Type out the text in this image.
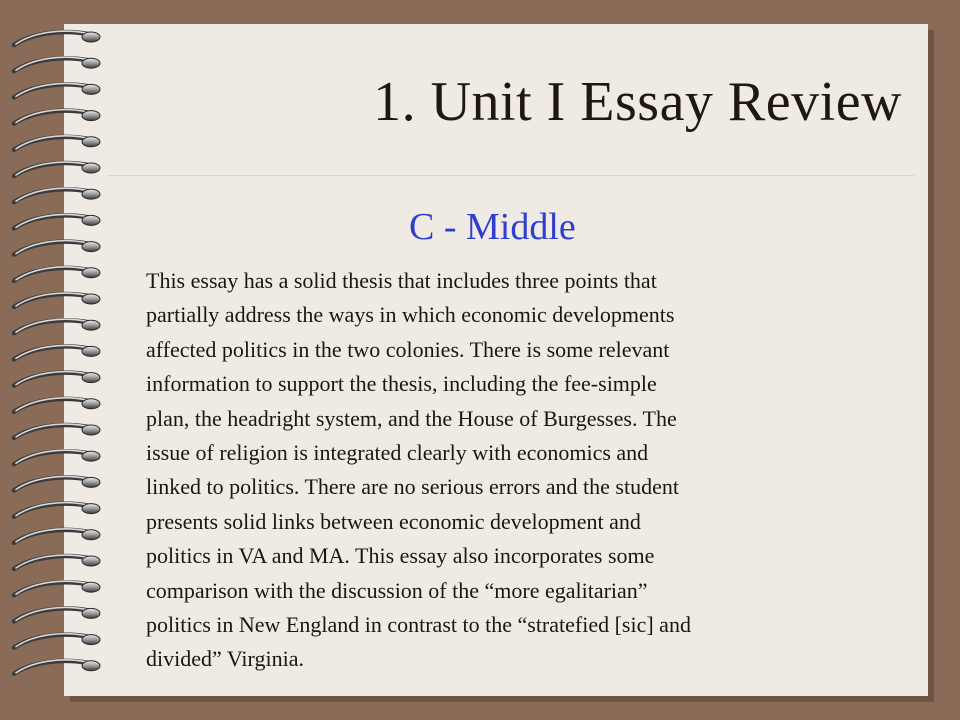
1. Unit I Essay Review
C - Middle

This essay has a solid thesis that includes three points that
partially address the ways in which economic developments
affected politics in the two colonies. There is some relevant
information to support the thesis, including the fee-simple
plan, the headright system, and the House of Burgesses. The
issue of religion is integrated clearly with economics and
linked to politics. There are no serious errors and the student
presents solid links between economic development and
politics in VA and MA. This essay also incorporates some
comparison with the discussion of the “more egalitarian”
politics in New England in contrast to the “stratefied [sic] and
divided” Virginia.
